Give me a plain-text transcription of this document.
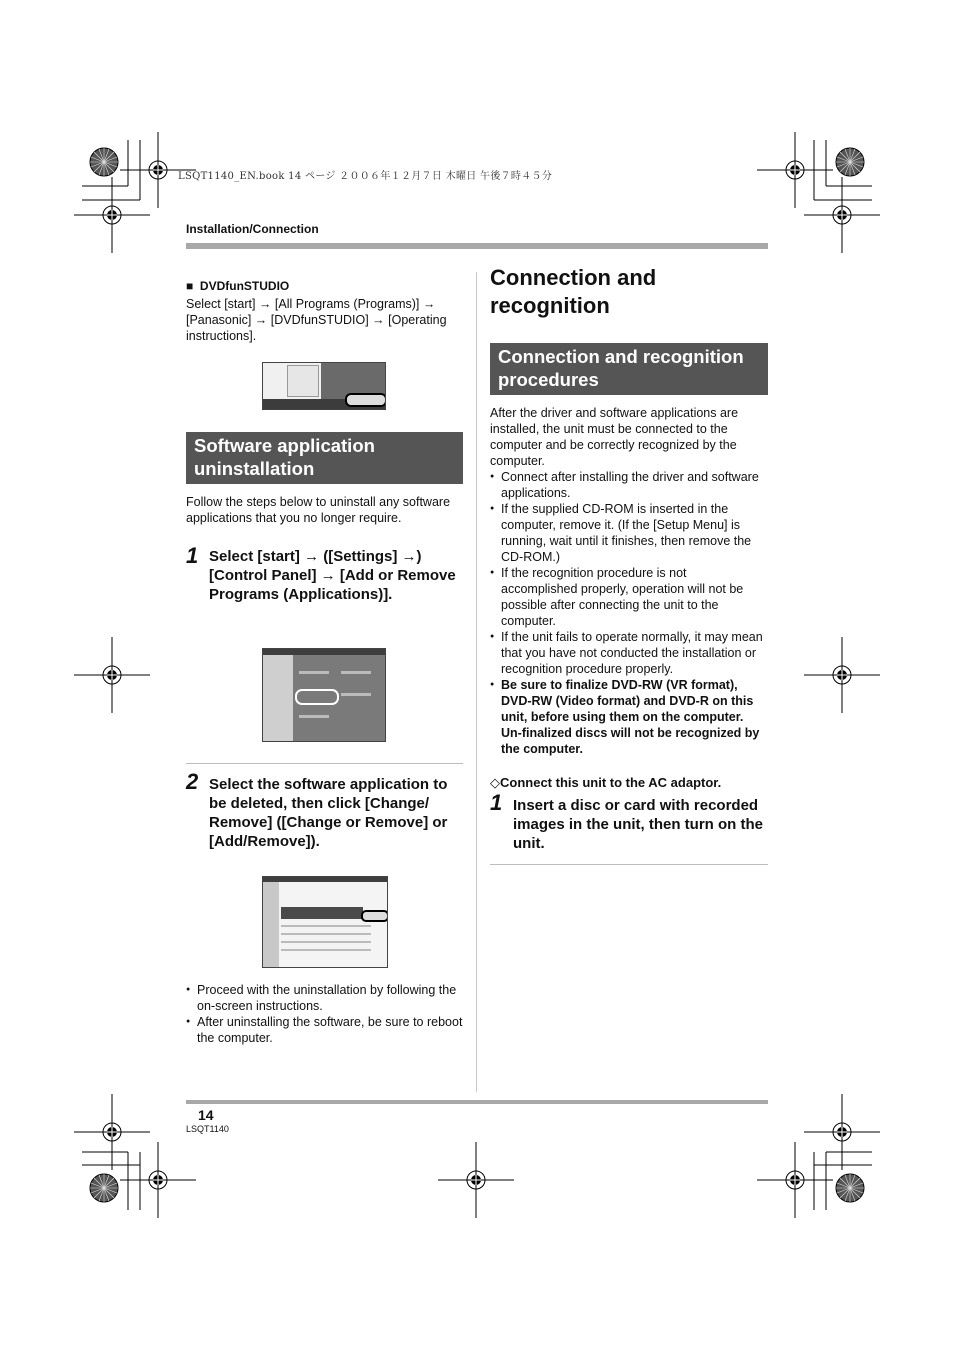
LSQT1140_EN.book 14 ページ ２００６年１２月７日 木曜日 午後７時４５分
Installation/Connection
■ DVDfunSTUDIO
Select [start] → [All Programs (Programs)] → [Panasonic] → [DVDfunSTUDIO] → [Operating instructions].
Software application uninstallation
Follow the steps below to uninstall any software applications that you no longer require.
1 Select [start] → ([Settings] →) [Control Panel] → [Add or Remove Programs (Applications)].
2 Select the software application to be deleted, then click [Change/ Remove] ([Change or Remove] or [Add/Remove]).
● Proceed with the uninstallation by following the on-screen instructions.
● After uninstalling the software, be sure to reboot the computer.
Connection and recognition
Connection and recognition procedures
After the driver and software applications are installed, the unit must be connected to the computer and be correctly recognized by the computer.
● Connect after installing the driver and software applications.
● If the supplied CD-ROM is inserted in the computer, remove it. (If the [Setup Menu] is running, wait until it finishes, then remove the CD-ROM.)
● If the recognition procedure is not accomplished properly, operation will not be possible after connecting the unit to the computer.
● If the unit fails to operate normally, it may mean that you have not conducted the installation or recognition procedure properly.
● Be sure to finalize DVD-RW (VR format), DVD-RW (Video format) and DVD-R on this unit, before using them on the computer. Un-finalized discs will not be recognized by the computer.
◇Connect this unit to the AC adaptor.
1 Insert a disc or card with recorded images in the unit, then turn on the unit.
14
LSQT1140
